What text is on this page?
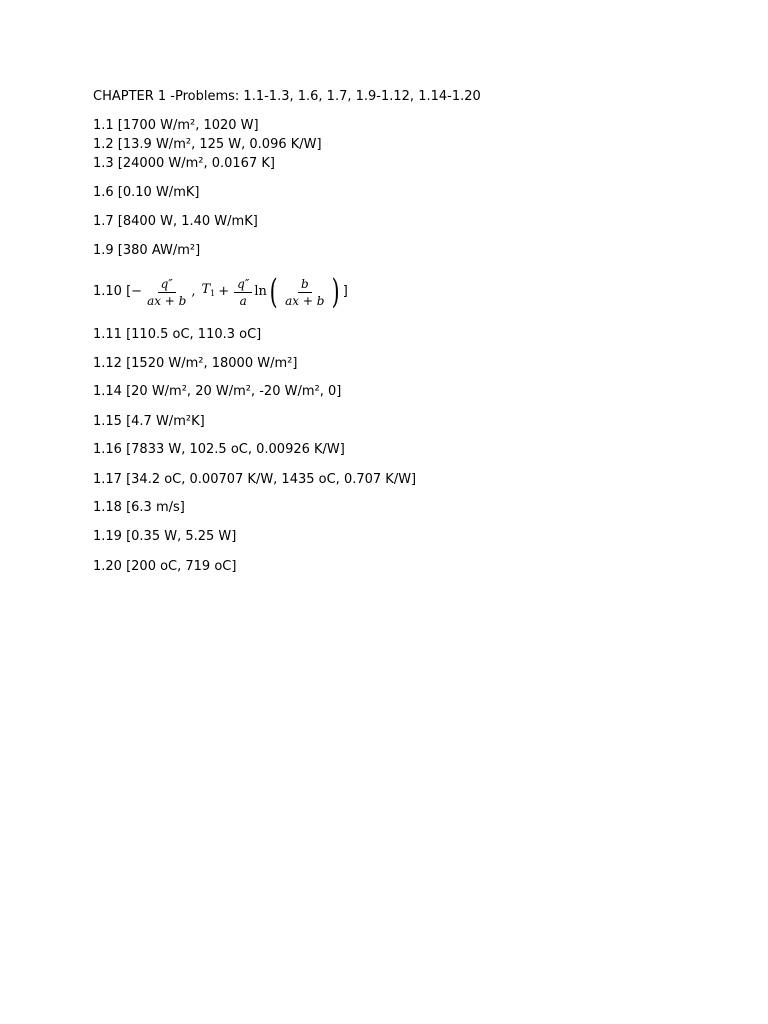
CHAPTER 1 -Problems: 1.1-1.3, 1.6, 1.7, 1.9-1.12, 1.14-1.20
1.1 [1700 W/m², 1020 W]
1.2 [13.9 W/m², 125 W, 0.096 K/W]
1.3 [24000 W/m², 0.0167 K]
1.6 [0.10 W/mK]
1.7 [8400 W, 1.40 W/mK]
1.9 [380 AW/m²]
1.10 [ − $\frac{q''}{ax + b}$ , $T_1 + \frac{q''}{a}$ ln ( $\frac{b}{ax + b}$ ) ]
1.11 [110.5 oC, 110.3 oC]
1.12 [1520 W/m², 18000 W/m²]
1.14 [20 W/m², 20 W/m², -20 W/m², 0]
1.15 [4.7 W/m²K]
1.16 [7833 W, 102.5 oC, 0.00926 K/W]
1.17 [34.2 oC, 0.00707 K/W, 1435 oC, 0.707 K/W]
1.18 [6.3 m/s]
1.19 [0.35 W, 5.25 W]
1.20 [200 oC, 719 oC]
